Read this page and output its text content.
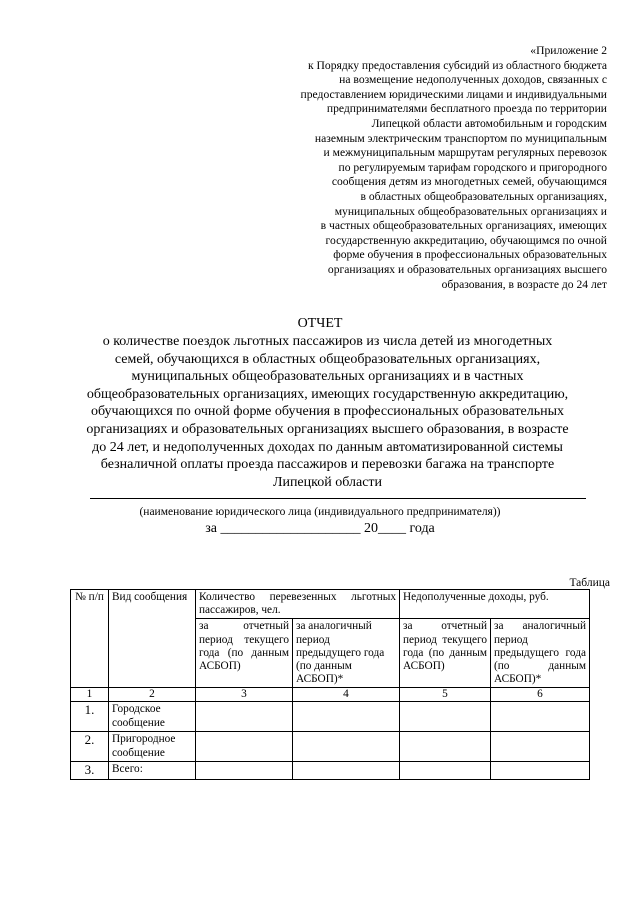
«Приложение 2
к Порядку предоставления субсидий из областного бюджета
на возмещение недополученных доходов, связанных с
предоставлением юридическими лицами и индивидуальными
предпринимателями бесплатного проезда по территории
Липецкой области автомобильным и городским
наземным электрическим транспортом по муниципальным
и межмуниципальным маршрутам регулярных перевозок
по регулируемым тарифам городского и пригородного
сообщения детям из многодетных семей, обучающимся
в областных общеобразовательных организациях,
муниципальных общеобразовательных организациях и
в частных общеобразовательных организациях, имеющих
государственную аккредитацию, обучающимся по очной
форме обучения в профессиональных образовательных
организациях и образовательных организациях высшего
образования, в возрасте до 24 лет
ОТЧЕТ
о количестве поездок льготных пассажиров из числа детей из многодетных
семей, обучающихся в областных общеобразовательных организациях,
муниципальных общеобразовательных организациях и в частных
общеобразовательных организациях, имеющих государственную аккредитацию,
обучающихся по очной форме обучения в профессиональных образовательных
организациях и образовательных организациях высшего образования, в возрасте
до 24 лет, и недополученных доходах по данным автоматизированной системы
безналичной оплаты проезда пассажиров и перевозки багажа на транспорте
Липецкой области
(наименование юридического лица (индивидуального предпринимателя))
за ____________________ 20____ года
Таблица
№ п/п	Вид сообщения	Количество перевезенных льготных пассажиров, чел.		Недополученные доходы, руб.	
		за отчетный период текущего года (по данным АСБОП)	за аналогичный период предыдущего года (по данным АСБОП)*	за отчетный период текущего года (по данным АСБОП)	за аналогичный период предыдущего года (по данным АСБОП)*
1	2	3	4	5	6
1.	Городское сообщение				
2.	Пригородное сообщение				
3.	Всего:				
